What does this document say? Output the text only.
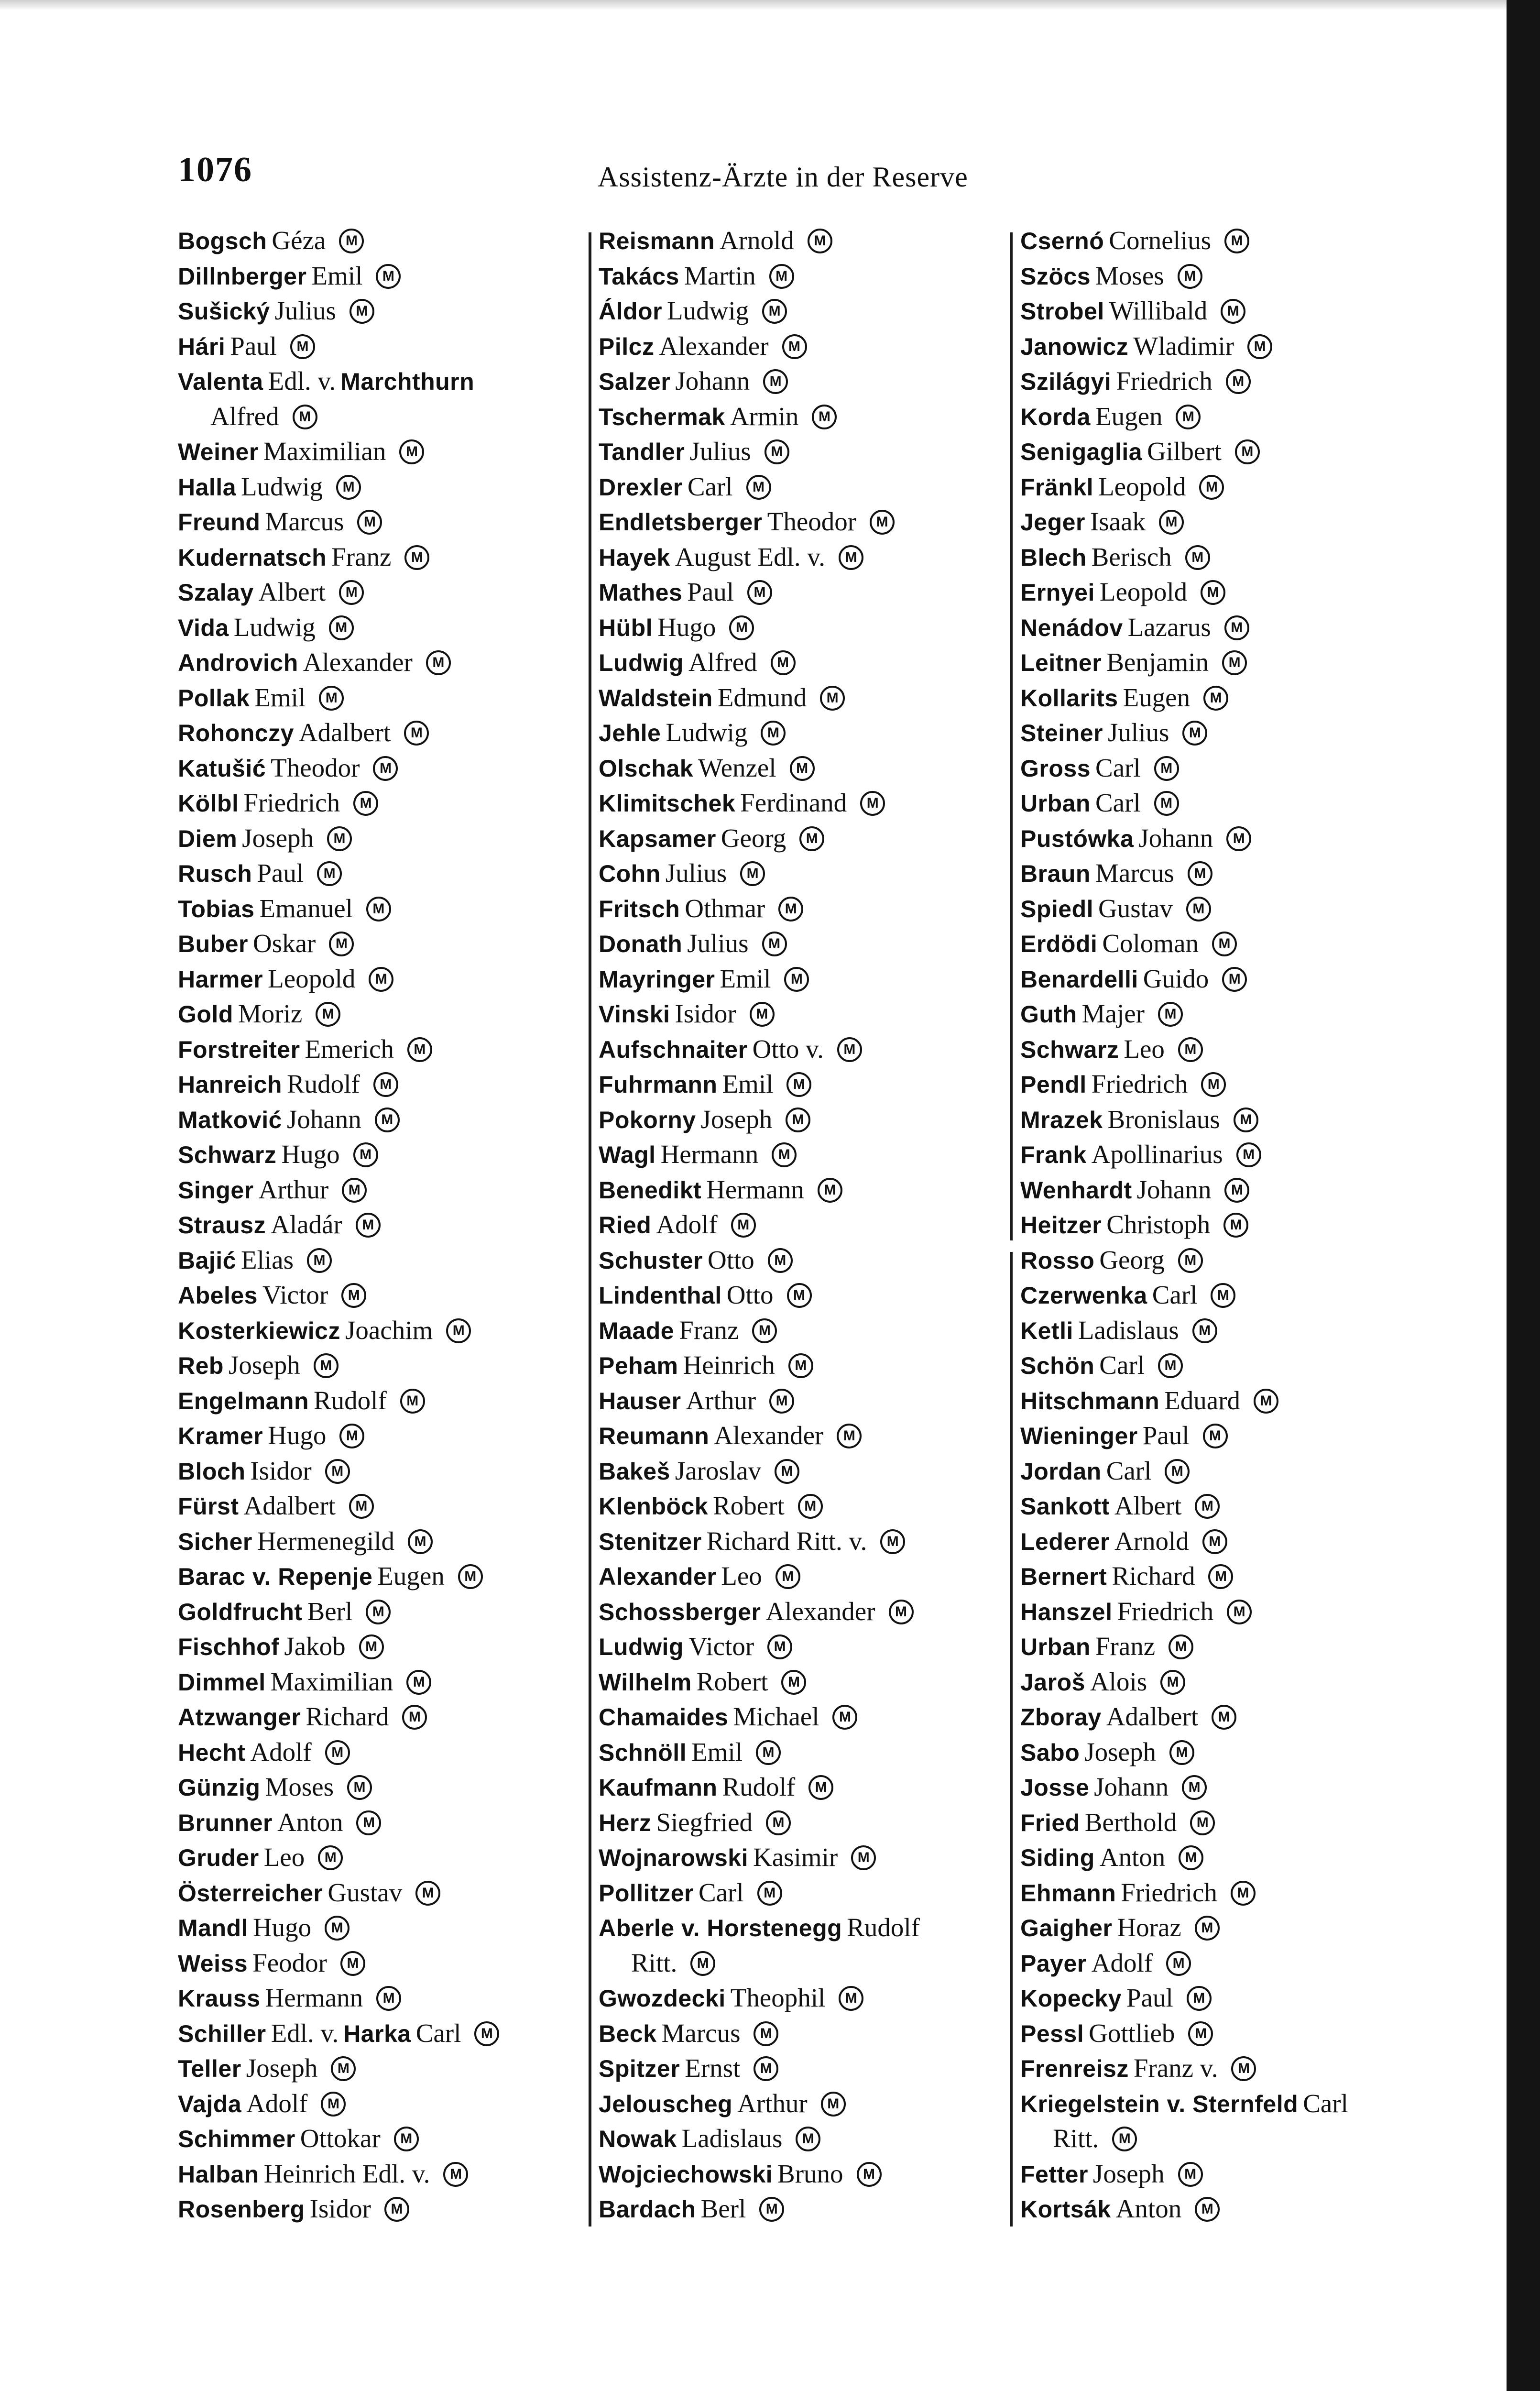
1076	Assistenz-Ärzte in der Reserve
Bogsch Géza M
Dillnberger Emil M
Sušický Julius M
Hári Paul M
Valenta Edl. v. Marchthurn
Alfred M
Weiner Maximilian M
Halla Ludwig M
Freund Marcus M
Kudernatsch Franz M
Szalay Albert M
Vida Ludwig M
Androvich Alexander M
Pollak Emil M
Rohonczy Adalbert M
Katušić Theodor M
Kölbl Friedrich M
Diem Joseph M
Rusch Paul M
Tobias Emanuel M
Buber Oskar M
Harmer Leopold M
Gold Moriz M
Forstreiter Emerich M
Hanreich Rudolf M
Matković Johann M
Schwarz Hugo M
Singer Arthur M
Strausz Aladár M
Bajić Elias M
Abeles Victor M
Kosterkiewicz Joachim M
Reb Joseph M
Engelmann Rudolf M
Kramer Hugo M
Bloch Isidor M
Fürst Adalbert M
Sicher Hermenegild M
Barac v. Repenje Eugen M
Goldfrucht Berl M
Fischhof Jakob M
Dimmel Maximilian M
Atzwanger Richard M
Hecht Adolf M
Günzig Moses M
Brunner Anton M
Gruder Leo M
Österreicher Gustav M
Mandl Hugo M
Weiss Feodor M
Krauss Hermann M
Schiller Edl. v. Harka Carl M
Teller Joseph M
Vajda Adolf M
Schimmer Ottokar M
Halban Heinrich Edl. v. M
Rosenberg Isidor M
Reismann Arnold M
Takács Martin M
Áldor Ludwig M
Pilcz Alexander M
Salzer Johann M
Tschermak Armin M
Tandler Julius M
Drexler Carl M
Endletsberger Theodor M
Hayek August Edl. v. M
Mathes Paul M
Hübl Hugo M
Ludwig Alfred M
Waldstein Edmund M
Jehle Ludwig M
Olschak Wenzel M
Klimitschek Ferdinand M
Kapsamer Georg M
Cohn Julius M
Fritsch Othmar M
Donath Julius M
Mayringer Emil M
Vinski Isidor M
Aufschnaiter Otto v. M
Fuhrmann Emil M
Pokorny Joseph M
Wagl Hermann M
Benedikt Hermann M
Ried Adolf M
Schuster Otto M
Lindenthal Otto M
Maade Franz M
Peham Heinrich M
Hauser Arthur M
Reumann Alexander M
Bakeš Jaroslav M
Klenböck Robert M
Stenitzer Richard Ritt. v. M
Alexander Leo M
Schossberger Alexander M
Ludwig Victor M
Wilhelm Robert M
Chamaides Michael M
Schnöll Emil M
Kaufmann Rudolf M
Herz Siegfried M
Wojnarowski Kasimir M
Pollitzer Carl M
Aberle v. Horstenegg Rudolf
Ritt. M
Gwozdecki Theophil M
Beck Marcus M
Spitzer Ernst M
Jelouscheg Arthur M
Nowak Ladislaus M
Wojciechowski Bruno M
Bardach Berl M
Csernó Cornelius M
Szöcs Moses M
Strobel Willibald M
Janowicz Wladimir M
Szilágyi Friedrich M
Korda Eugen M
Senigaglia Gilbert M
Fränkl Leopold M
Jeger Isaak M
Blech Berisch M
Ernyei Leopold M
Nenádov Lazarus M
Leitner Benjamin M
Kollarits Eugen M
Steiner Julius M
Gross Carl M
Urban Carl M
Pustówka Johann M
Braun Marcus M
Spiedl Gustav M
Erdödi Coloman M
Benardelli Guido M
Guth Majer M
Schwarz Leo M
Pendl Friedrich M
Mrazek Bronislaus M
Frank Apollinarius M
Wenhardt Johann M
Heitzer Christoph M
Rosso Georg M
Czerwenka Carl M
Ketli Ladislaus M
Schön Carl M
Hitschmann Eduard M
Wieninger Paul M
Jordan Carl M
Sankott Albert M
Lederer Arnold M
Bernert Richard M
Hanszel Friedrich M
Urban Franz M
Jaroš Alois M
Zboray Adalbert M
Sabo Joseph M
Josse Johann M
Fried Berthold M
Siding Anton M
Ehmann Friedrich M
Gaigher Horaz M
Payer Adolf M
Kopecky Paul M
Pessl Gottlieb M
Frenreisz Franz v. M
Kriegelstein v. Sternfeld Carl
Ritt. M
Fetter Joseph M
Kortsák Anton M
